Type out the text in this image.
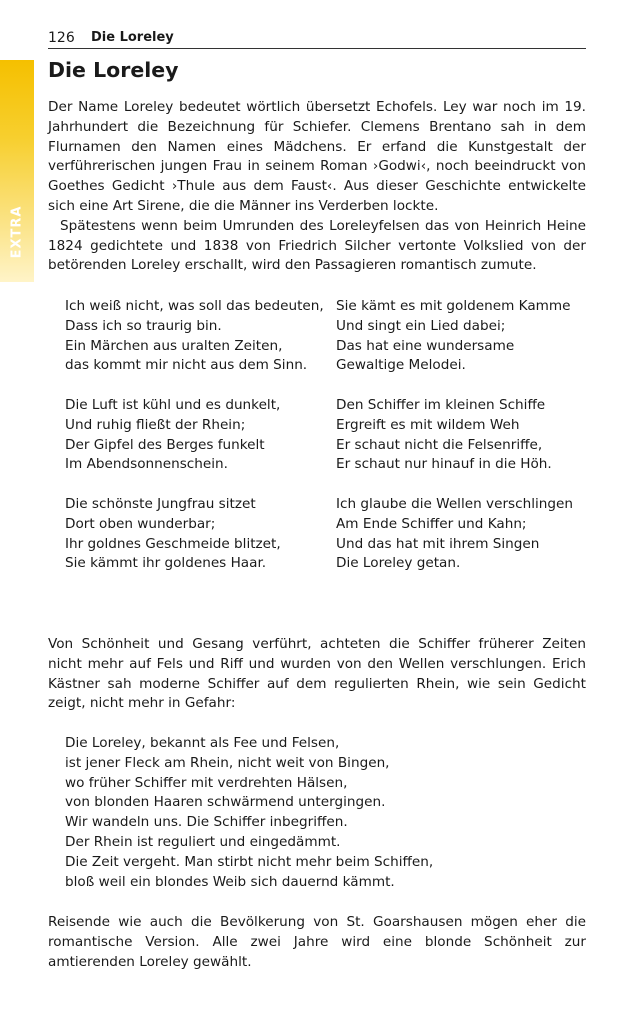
126 Die Loreley
EXTRA
Die Loreley

Der Name Loreley bedeutet wörtlich übersetzt Echofels. Ley war noch im 19. Jahrhundert die Bezeichnung für Schiefer. Clemens Brentano sah in dem Flurnamen den Namen eines Mädchens. Er erfand die Kunstgestalt der verführerischen jungen Frau in seinem Roman ›Godwi‹, noch beeindruckt von Goethes Gedicht ›Thule aus dem Faust‹. Aus dieser Geschichte entwickelte sich eine Art Sirene, die die Männer ins Verderben lockte.

Spätestens wenn beim Umrunden des Loreleyfelsen das von Heinrich Heine 1824 gedichtete und 1838 von Friedrich Silcher vertonte Volkslied von der betörenden Loreley erschallt, wird den Passagieren romantisch zumute.

Ich weiß nicht, was soll das bedeuten,
Dass ich so traurig bin.
Ein Märchen aus uralten Zeiten,
das kommt mir nicht aus dem Sinn.
Die Luft ist kühl und es dunkelt,
Und ruhig fließt der Rhein;
Der Gipfel des Berges funkelt
Im Abendsonnenschein.
Die schönste Jungfrau sitzet
Dort oben wunderbar;
Ihr goldnes Geschmeide blitzet,
Sie kämmt ihr goldenes Haar.
Sie kämt es mit goldenem Kamme
Und singt ein Lied dabei;
Das hat eine wundersame
Gewaltige Melodei.
Den Schiffer im kleinen Schiffe
Ergreift es mit wildem Weh
Er schaut nicht die Felsenriffe,
Er schaut nur hinauf in die Höh.
Ich glaube die Wellen verschlingen
Am Ende Schiffer und Kahn;
Und das hat mit ihrem Singen
Die Loreley getan.

Von Schönheit und Gesang verführt, achteten die Schiffer früherer Zeiten nicht mehr auf Fels und Riff und wurden von den Wellen verschlungen. Erich Kästner sah moderne Schiffer auf dem regulierten Rhein, wie sein Gedicht zeigt, nicht mehr in Gefahr:

Die Loreley, bekannt als Fee und Felsen,
ist jener Fleck am Rhein, nicht weit von Bingen,
wo früher Schiffer mit verdrehten Hälsen,
von blonden Haaren schwärmend untergingen.
Wir wandeln uns. Die Schiffer inbegriffen.
Der Rhein ist reguliert und eingedämmt.
Die Zeit vergeht. Man stirbt nicht mehr beim Schiffen,
bloß weil ein blondes Weib sich dauernd kämmt.

Reisende wie auch die Bevölkerung von St. Goarshausen mögen eher die romantische Version. Alle zwei Jahre wird eine blonde Schönheit zur amtierenden Loreley gewählt.
